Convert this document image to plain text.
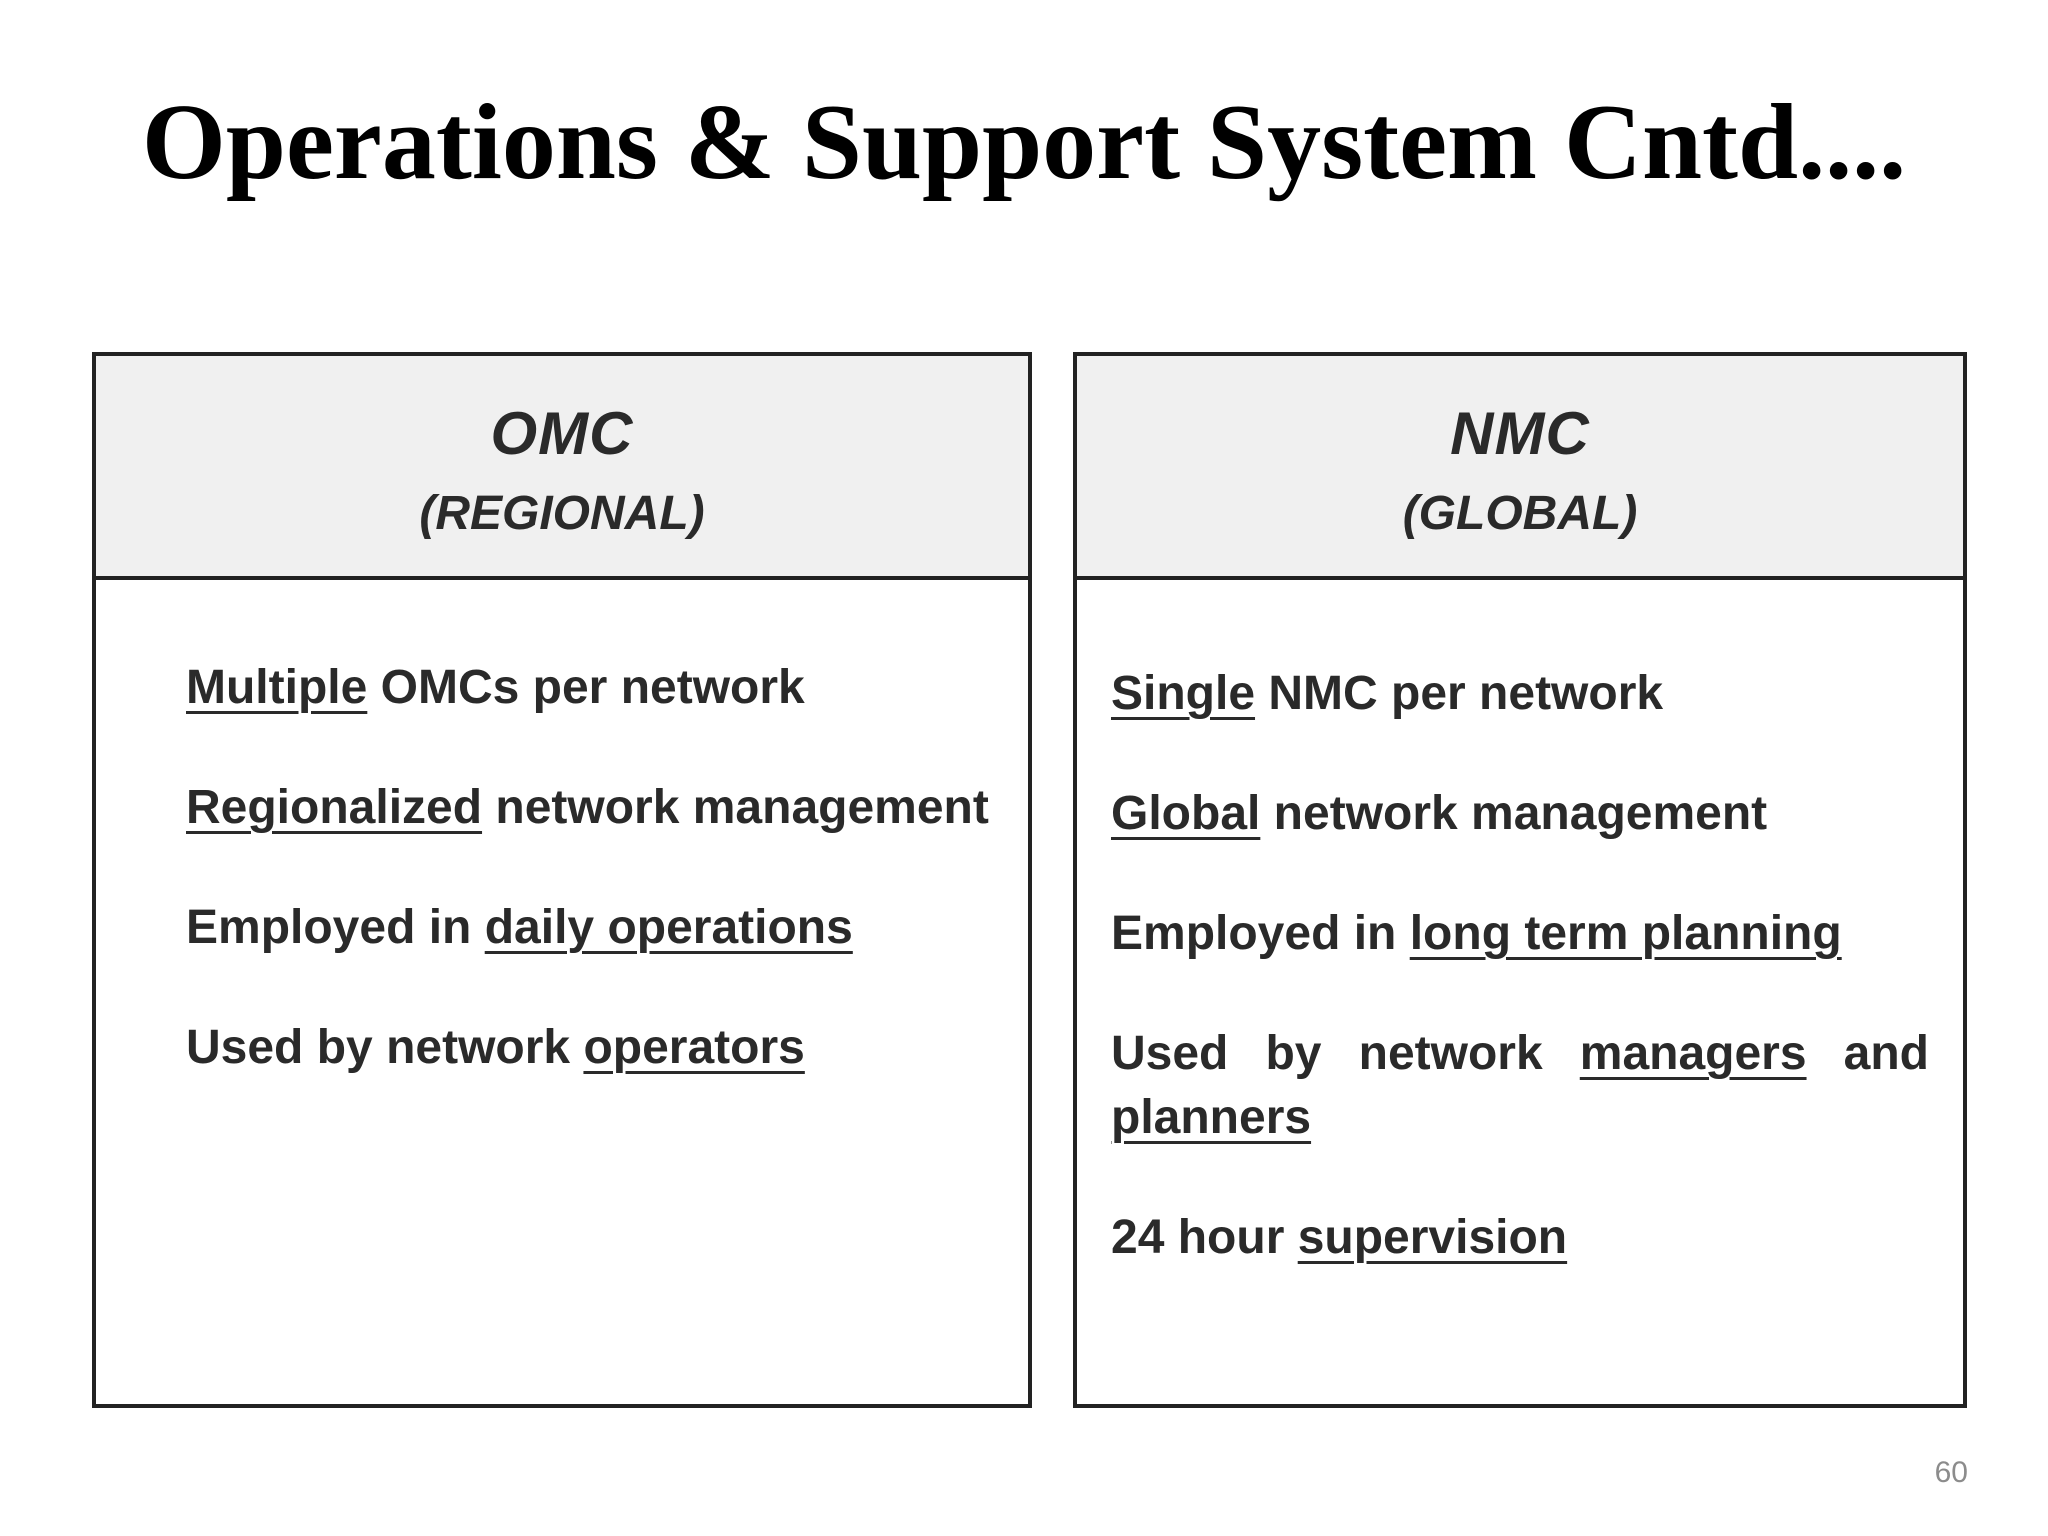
Operations & Support System Cntd....
OMC
(REGIONAL)
Multiple OMCs per network
Regionalized network management
Employed in daily operations
Used by network operators
NMC
(GLOBAL)
Single NMC per network
Global network management
Employed in long term planning
Used by network managers and planners
24 hour supervision
60
